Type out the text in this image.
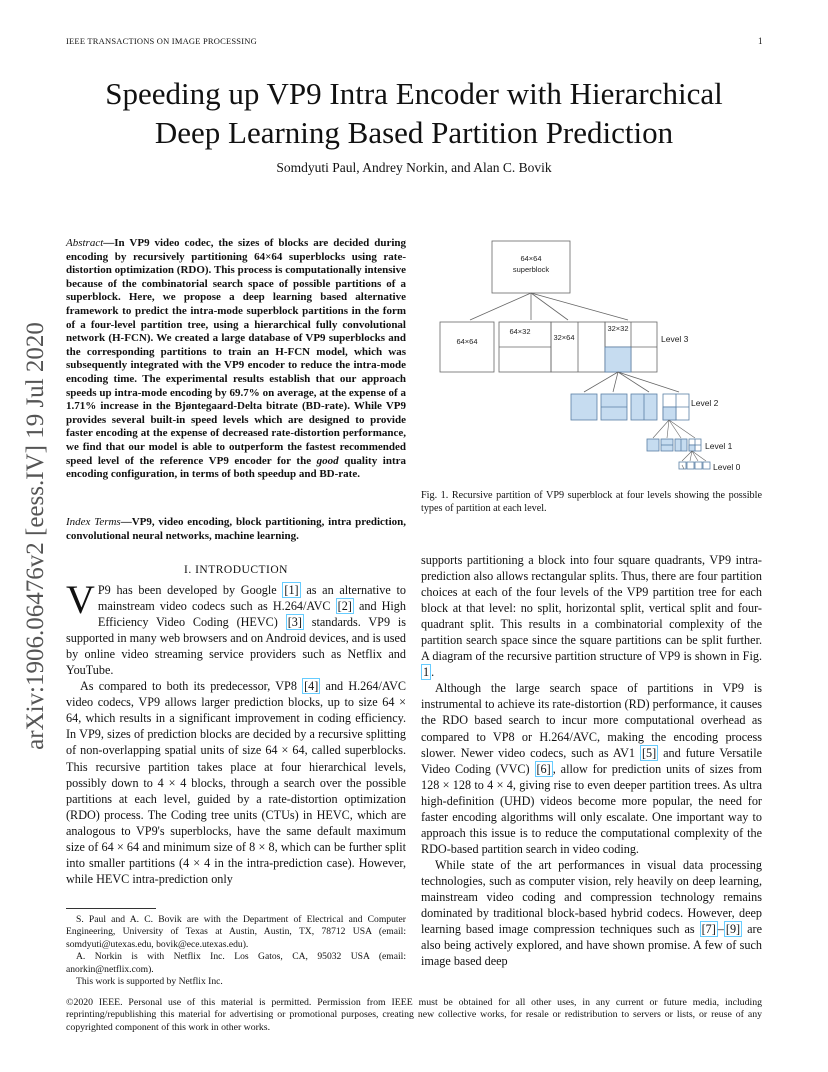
IEEE TRANSACTIONS ON IMAGE PROCESSING	1
Speeding up VP9 Intra Encoder with Hierarchical
Deep Learning Based Partition Prediction
Somdyuti Paul, Andrey Norkin, and Alan C. Bovik
arXiv:1906.06476v2 [eess.IV] 19 Jul 2020
Abstract—In VP9 video codec, the sizes of blocks are decided during encoding by recursively partitioning 64×64 superblocks using rate-distortion optimization (RDO). This process is computationally intensive because of the combinatorial search space of possible partitions of a superblock. Here, we propose a deep learning based alternative framework to predict the intra-mode superblock partitions in the form of a four-level partition tree, using a hierarchical fully convolutional network (H-FCN). We created a large database of VP9 superblocks and the corresponding partitions to train an H-FCN model, which was subsequently integrated with the VP9 encoder to reduce the intra-mode encoding time. The experimental results establish that our approach speeds up intra-mode encoding by 69.7% on average, at the expense of a 1.71% increase in the Bjøntegaard-Delta bitrate (BD-rate). While VP9 provides several built-in speed levels which are designed to provide faster encoding at the expense of decreased rate-distortion performance, we find that our model is able to outperform the fastest recommended speed level of the reference VP9 encoder for the good quality intra encoding configuration, in terms of both speedup and BD-rate.
Index Terms—VP9, video encoding, block partitioning, intra prediction, convolutional neural networks, machine learning.
I. INTRODUCTION

V P9 has been developed by Google [1] as an alternative to mainstream video codecs such as H.264/AVC [2] and High Efficiency Video Coding (HEVC) [3] standards. VP9 is supported in many web browsers and on Android devices, and is used by online video streaming service providers such as Netflix and YouTube.

As compared to both its predecessor, VP8 [4] and H.264/AVC video codecs, VP9 allows larger prediction blocks, up to size 64 × 64, which results in a significant improvement in coding efficiency. In VP9, sizes of prediction blocks are decided by a recursive splitting of non-overlapping spatial units of size 64 × 64, called superblocks. This recursive partition takes place at four hierarchical levels, possibly down to 4 × 4 blocks, through a search over the possible partitions at each level, guided by a rate-distortion optimization (RDO) process. The Coding tree units (CTUs) in HEVC, which are analogous to VP9's superblocks, have the same default maximum size of 64 × 64 and minimum size of 8 × 8, which can be further split into smaller partitions (4 × 4 in the intra-prediction case). However, while HEVC intra-prediction only

S. Paul and A. C. Bovik are with the Department of Electrical and Computer Engineering, University of Texas at Austin, Austin, TX, 78712 USA (email: somdyuti@utexas.edu, bovik@ece.utexas.edu).

A. Norkin is with Netflix Inc. Los Gatos, CA, 95032 USA (email: anorkin@netflix.com).

This work is supported by Netflix Inc.

64×64
superblock
64×64
64×32
32×64
32×32
Level 3
Level 2
Level 1
Level 0
Fig. 1. Recursive partition of VP9 superblock at four levels showing the possible types of partition at each level.

supports partitioning a block into four square quadrants, VP9 intra-prediction also allows rectangular splits. Thus, there are four partition choices at each of the four levels of the VP9 partition tree for each block at that level: no split, horizontal split, vertical split and four-quadrant split. This results in a combinatorial complexity of the partition search space since the square partitions can be split further. A diagram of the recursive partition structure of VP9 is shown in Fig. 1 .

Although the large search space of partitions in VP9 is instrumental to achieve its rate-distortion (RD) performance, it causes the RDO based search to incur more computational overhead as compared to VP8 or H.264/AVC, making the encoding process slower. Newer video codecs, such as AV1 [5] and future Versatile Video Coding (VVC) [6] , allow for prediction units of sizes from 128 × 128 to 4 × 4, giving rise to even deeper partition trees. As ultra high-definition (UHD) videos become more popular, the need for faster encoding algorithms will only escalate. One important way to approach this issue is to reduce the computational complexity of the RDO-based partition search in video coding.

While state of the art performances in visual data processing technologies, such as computer vision, rely heavily on deep learning, mainstream video coding and compression technology remains dominated by traditional block-based hybrid codecs. However, deep learning based image compression techniques such as [7] – [9] are also being actively explored, and have shown promise. A few of such image based deep

©2020 IEEE. Personal use of this material is permitted. Permission from IEEE must be obtained for all other uses, in any current or future media, including reprinting/republishing this material for advertising or promotional purposes, creating new collective works, for resale or redistribution to servers or lists, or reuse of any copyrighted component of this work in other works.
